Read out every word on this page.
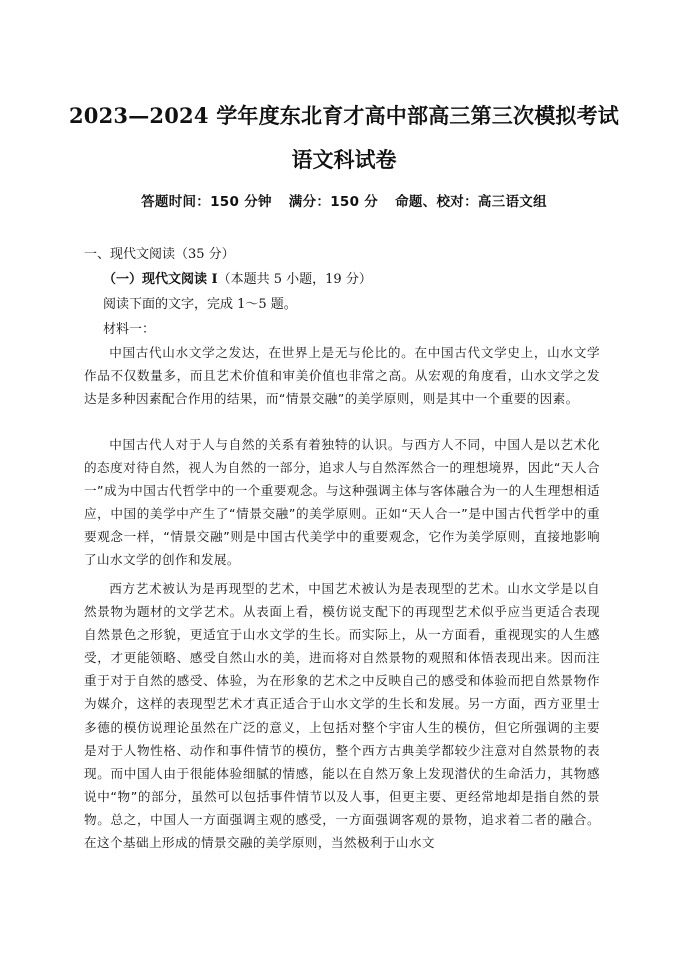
2023—2024 学年度东北育才高中部高三第三次模拟考试
语文科试卷
答题时间：150 分钟 满分：150 分 命题、校对：高三语文组
一、现代文阅读（35 分）
（一）现代文阅读 I（本题共 5 小题，19 分）
阅读下面的文字，完成 1～5 题。
材料一：
中国古代山水文学之发达，在世界上是无与伦比的。在中国古代文学史上，山水文学作品不仅数量多，而且艺术价值和审美价值也非常之高。从宏观的角度看，山水文学之发达是多种因素配合作用的结果，而“情景交融”的美学原则，则是其中一个重要的因素。
中国古代人对于人与自然的关系有着独特的认识。与西方人不同，中国人是以艺术化的态度对待自然，视人为自然的一部分，追求人与自然浑然合一的理想境界，因此“天人合一”成为中国古代哲学中的一个重要观念。与这种强调主体与客体融合为一的人生理想相适应，中国的美学中产生了“情景交融”的美学原则。正如“天人合一”是中国古代哲学中的重要观念一样，“情景交融”则是中国古代美学中的重要观念，它作为美学原则，直接地影响了山水文学的创作和发展。
西方艺术被认为是再现型的艺术，中国艺术被认为是表现型的艺术。山水文学是以自然景物为题材的文学艺术。从表面上看，模仿说支配下的再现型艺术似乎应当更适合表现自然景色之形貌，更适宜于山水文学的生长。而实际上，从一方面看，重视现实的人生感受，才更能领略、感受自然山水的美，进而将对自然景物的观照和体悟表现出来。因而注重于对于自然的感受、体验，为在形象的艺术之中反映自己的感受和体验而把自然景物作为媒介，这样的表现型艺术才真正适合于山水文学的生长和发展。另一方面，西方亚里士多德的模仿说理论虽然在广泛的意义，上包括对整个宇宙人生的模仿，但它所强调的主要是对于人物性格、动作和事件情节的模仿，整个西方古典美学都较少注意对自然景物的表现。而中国人由于很能体验细腻的情感，能以在自然万象上发现潜伏的生命活力，其物感说中“物”的部分，虽然可以包括事件情节以及人事，但更主要、更经常地却是指自然的景物。总之，中国人一方面强调主观的感受，一方面强调客观的景物，追求着二者的融合。在这个基础上形成的情景交融的美学原则，当然极利于山水文
